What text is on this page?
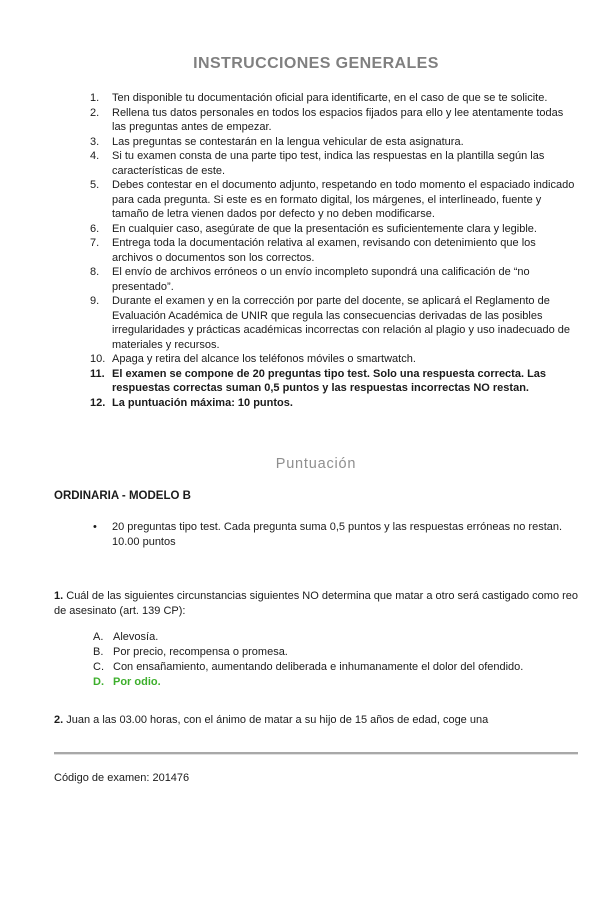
INSTRUCCIONES GENERALES
1.	Ten disponible tu documentación oficial para identificarte, en el caso de que se te solicite.
2.	Rellena tus datos personales en todos los espacios fijados para ello y lee atentamente todas las preguntas antes de empezar.
3.	Las preguntas se contestarán en la lengua vehicular de esta asignatura.
4.	Si tu examen consta de una parte tipo test, indica las respuestas en la plantilla según las características de este.
5.	Debes contestar en el documento adjunto, respetando en todo momento el espaciado indicado para cada pregunta. Si este es en formato digital, los márgenes, el interlineado, fuente y tamaño de letra vienen dados por defecto y no deben modificarse.
6.	En cualquier caso, asegúrate de que la presentación es suficientemente clara y legible.
7.	Entrega toda la documentación relativa al examen, revisando con detenimiento que los archivos o documentos son los correctos.
8.	El envío de archivos erróneos o un envío incompleto supondrá una calificación de “no presentado”.
9.	Durante el examen y en la corrección por parte del docente, se aplicará el Reglamento de Evaluación Académica de UNIR que regula las consecuencias derivadas de las posibles irregularidades y prácticas académicas incorrectas con relación al plagio y uso inadecuado de materiales y recursos.
10. Apaga y retira del alcance los teléfonos móviles o smartwatch.
11. El examen se compone de 20 preguntas tipo test. Solo una respuesta correcta. Las respuestas correctas suman 0,5 puntos y las respuestas incorrectas NO restan.
12. La puntuación máxima: 10 puntos.
Puntuación
ORDINARIA - MODELO B
•	20 preguntas tipo test. Cada pregunta suma 0,5 puntos y las respuestas erróneas no restan. 10.00 puntos
1. Cuál de las siguientes circunstancias siguientes NO determina que matar a otro será castigado como reo de asesinato (art. 139 CP):
A. Alevosía.
B. Por precio, recompensa o promesa.
C. Con ensañamiento, aumentando deliberada e inhumanamente el dolor del ofendido.
D. Por odio.
2. Juan a las 03.00 horas, con el ánimo de matar a su hijo de 15 años de edad, coge una
Código de examen: 201476
